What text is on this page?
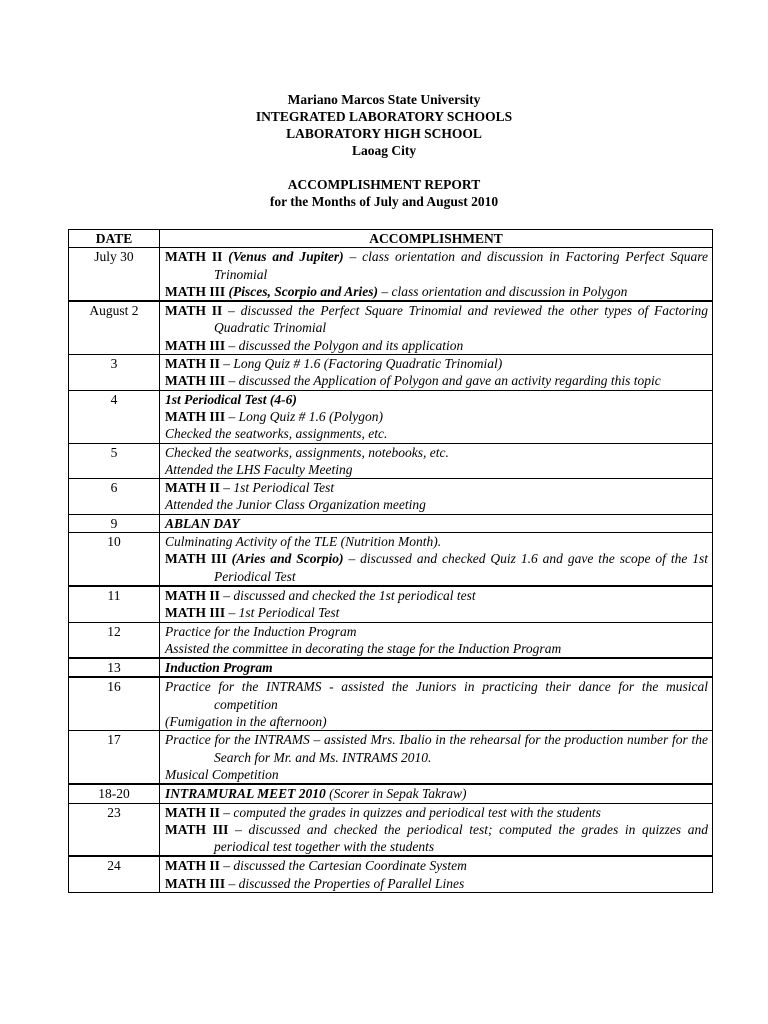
Mariano Marcos State University
INTEGRATED LABORATORY SCHOOLS
LABORATORY HIGH SCHOOL
Laoag City
ACCOMPLISHMENT REPORT
for the Months of July and August 2010
DATE	ACCOMPLISHMENT
July 30	MATH II (Venus and Jupiter) – class orientation and discussion in Factoring Perfect Square Trinomial
MATH III (Pisces, Scorpio and Aries) – class orientation and discussion in Polygon

August 2	MATH II – discussed the Perfect Square Trinomial and reviewed the other types of Factoring Quadratic Trinomial
MATH III – discussed the Polygon and its application

3	MATH II – Long Quiz # 1.6 (Factoring Quadratic Trinomial)
MATH III – discussed the Application of Polygon and gave an activity regarding this topic

4	1st Periodical Test (4-6)
MATH III – Long Quiz # 1.6 (Polygon)
Checked the seatworks, assignments, etc.

5	Checked the seatworks, assignments, notebooks, etc.
Attended the LHS Faculty Meeting

6	MATH II – 1st Periodical Test
Attended the Junior Class Organization meeting

9	ABLAN DAY

10	Culminating Activity of the TLE (Nutrition Month).
MATH III (Aries and Scorpio) – discussed and checked Quiz 1.6 and gave the scope of the 1st Periodical Test

11	MATH II – discussed and checked the 1st periodical test
MATH III – 1st Periodical Test

12	Practice for the Induction Program
Assisted the committee in decorating the stage for the Induction Program

13	Induction Program

16	Practice for the INTRAMS - assisted the Juniors in practicing their dance for the musical competition
(Fumigation in the afternoon)

17	Practice for the INTRAMS – assisted Mrs. Ibalio in the rehearsal for the production number for the Search for Mr. and Ms. INTRAMS 2010.
Musical Competition

18-20	INTRAMURAL MEET 2010 (Scorer in Sepak Takraw)

23	MATH II – computed the grades in quizzes and periodical test with the students
MATH III – discussed and checked the periodical test; computed the grades in quizzes and periodical test together with the students

24	MATH II – discussed the Cartesian Coordinate System
MATH III – discussed the Properties of Parallel Lines
